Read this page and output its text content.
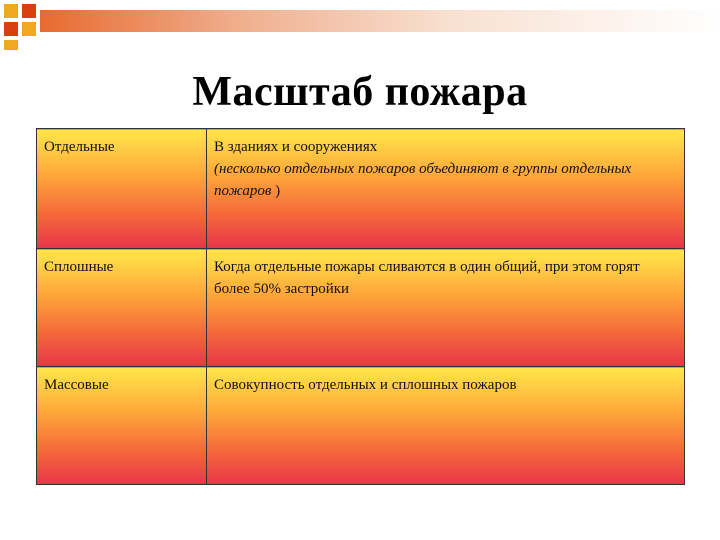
Масштаб пожара
Отдельные	В зданиях и сооружениях
(несколько отдельных пожаров объединяют в группы отдельных пожаров )

Сплошные	Когда отдельные пожары сливаются в один общий, при этом горят более 50% застройки

Массовые	Совокупность отдельных и сплошных пожаров
